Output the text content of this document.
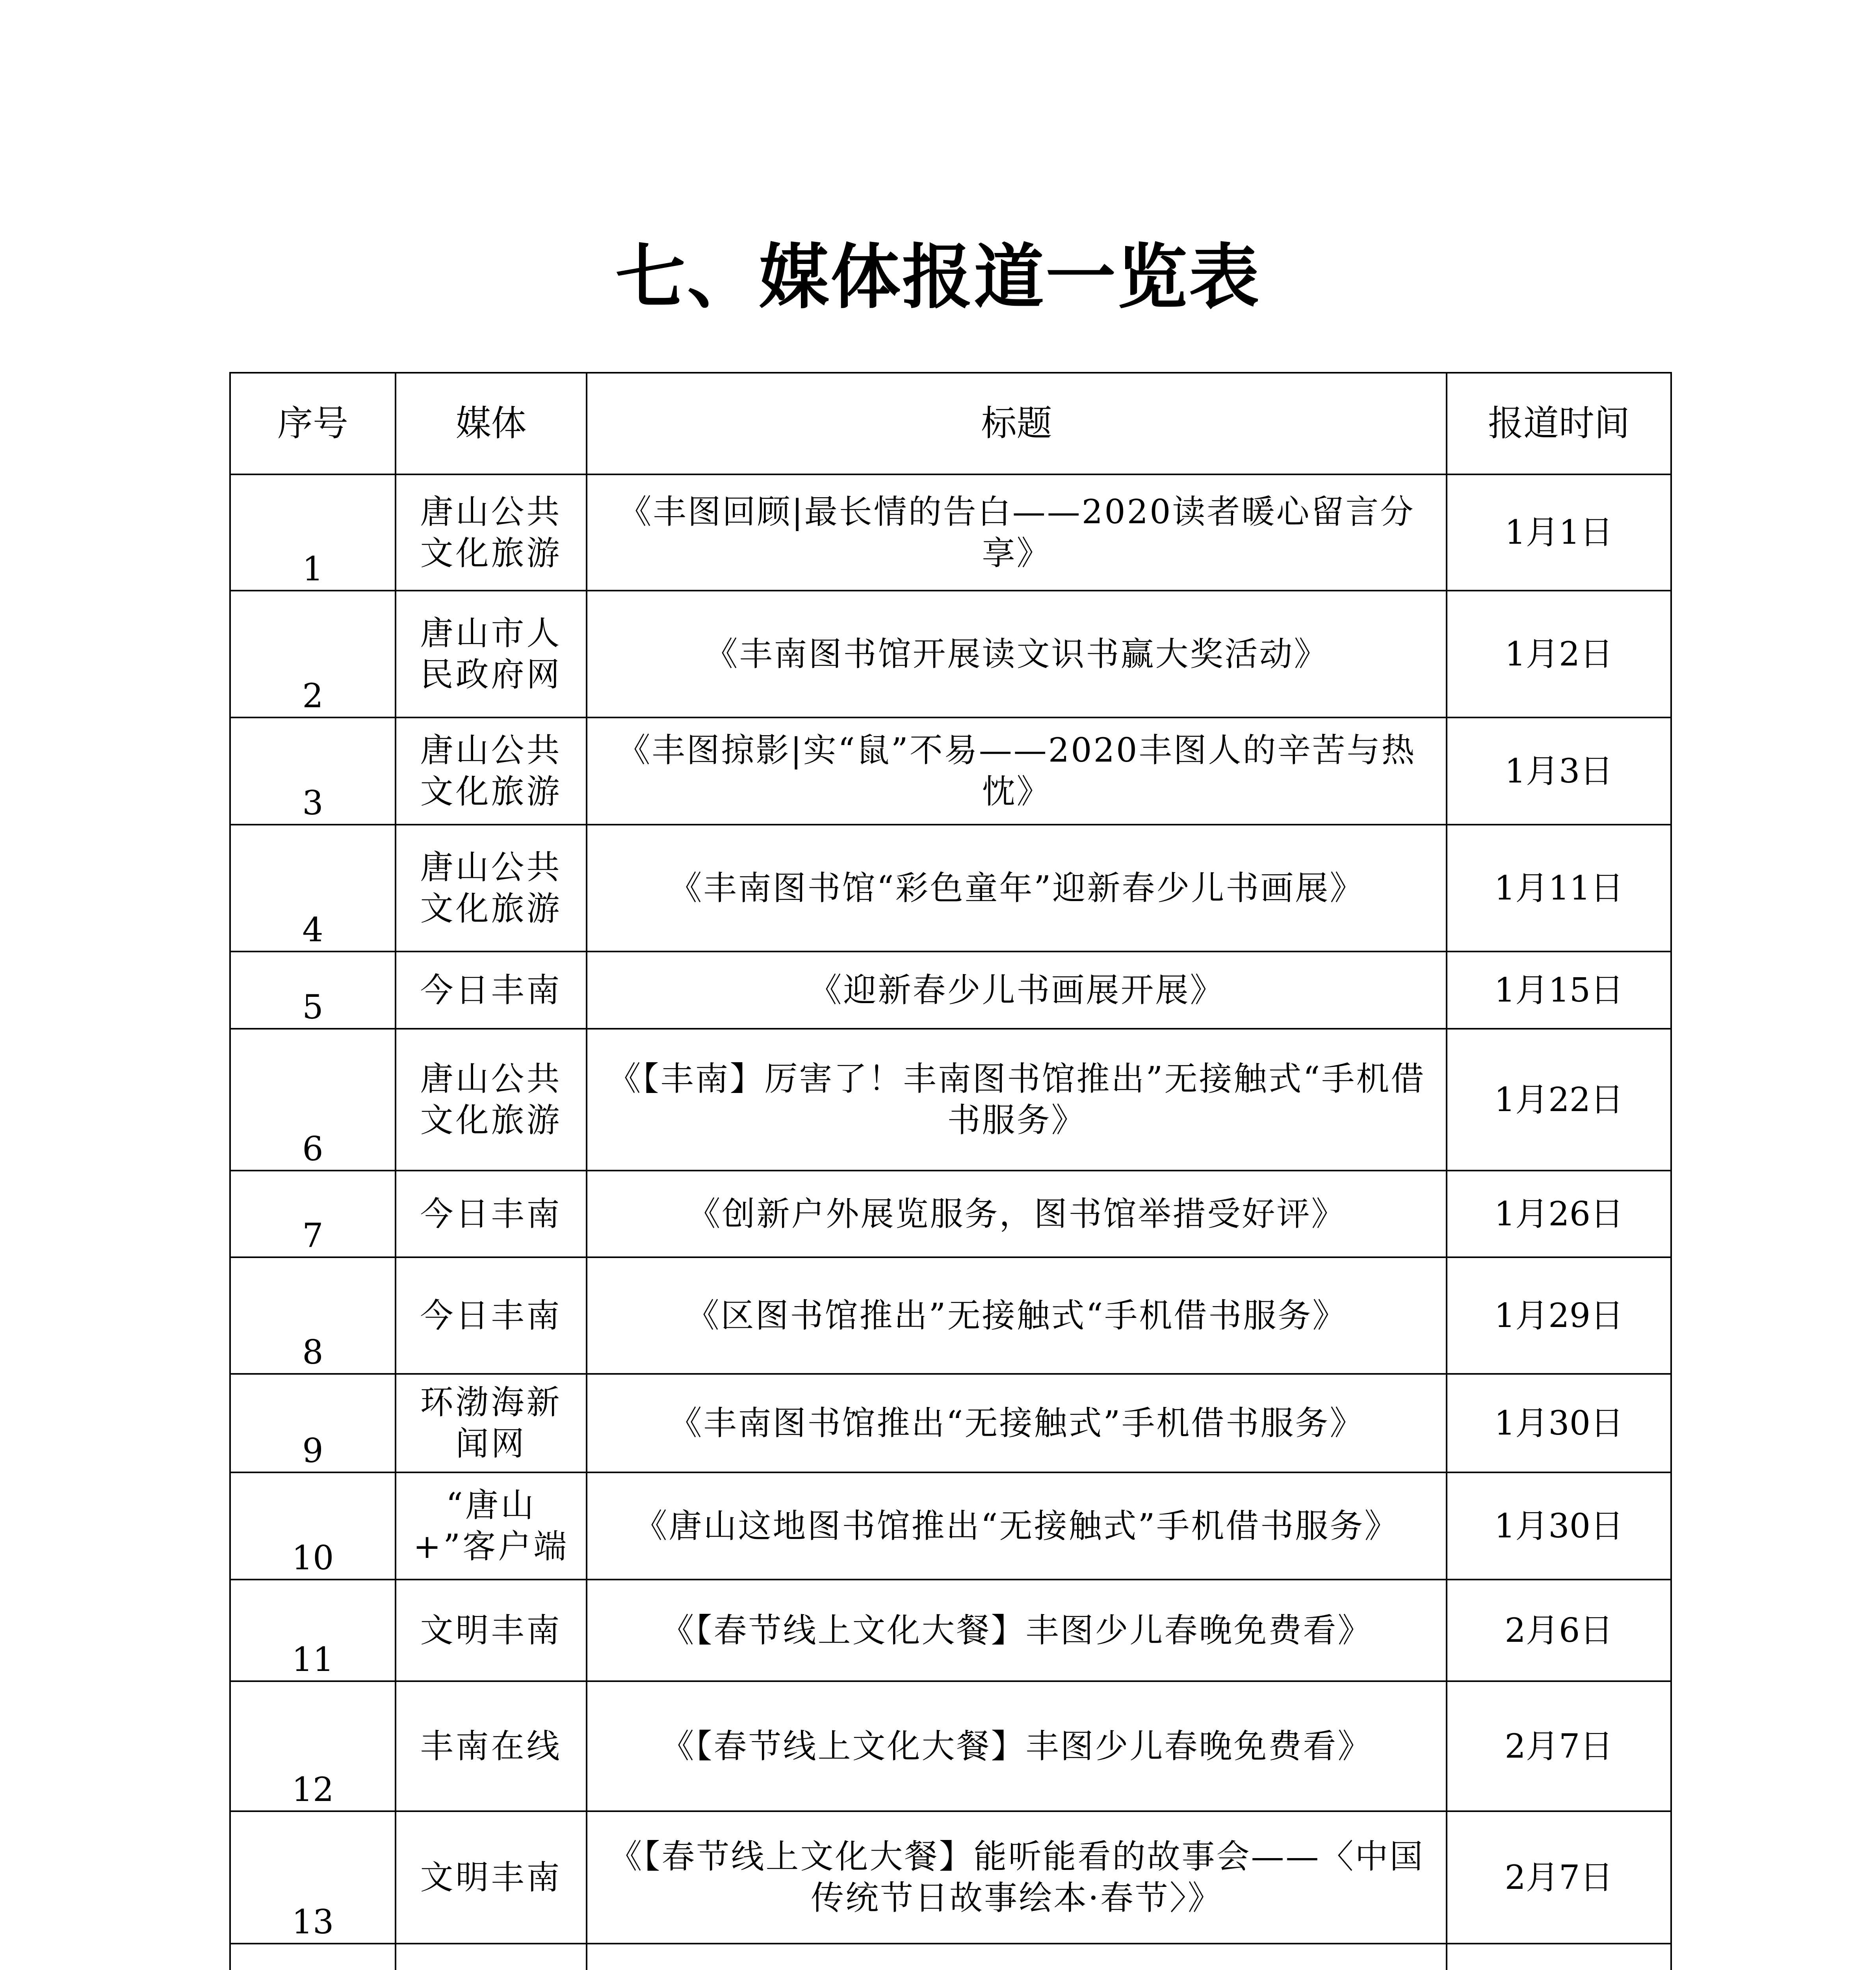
七、媒体报道一览表
序号	媒体	标题	报道时间
1	唐山公共文化旅游	《丰图回顾|最长情的告白——2020读者暖心留言分享》	1月1日
2	唐山市人民政府网	《丰南图书馆开展读文识书赢大奖活动》	1月2日
3	唐山公共文化旅游	《丰图掠影|实“鼠”不易——2020丰图人的辛苦与热忱》	1月3日
4	唐山公共文化旅游	《丰南图书馆“彩色童年”迎新春少儿书画展》	1月11日
5	今日丰南	《迎新春少儿书画展开展》	1月15日
6	唐山公共文化旅游	《【丰南】厉害了！丰南图书馆推出”无接触式“手机借书服务》	1月22日
7	今日丰南	《创新户外展览服务，图书馆举措受好评》	1月26日
8	今日丰南	《区图书馆推出”无接触式“手机借书服务》	1月29日
9	环渤海新闻网	《丰南图书馆推出“无接触式”手机借书服务》	1月30日
10	“唐山+”客户端	《唐山这地图书馆推出“无接触式”手机借书服务》	1月30日
11	文明丰南	《【春节线上文化大餐】丰图少儿春晚免费看》	2月6日
12	丰南在线	《【春节线上文化大餐】丰图少儿春晚免费看》	2月7日
13	文明丰南	《【春节线上文化大餐】能听能看的故事会——〈中国传统节日故事绘本·春节〉》	2月7日
